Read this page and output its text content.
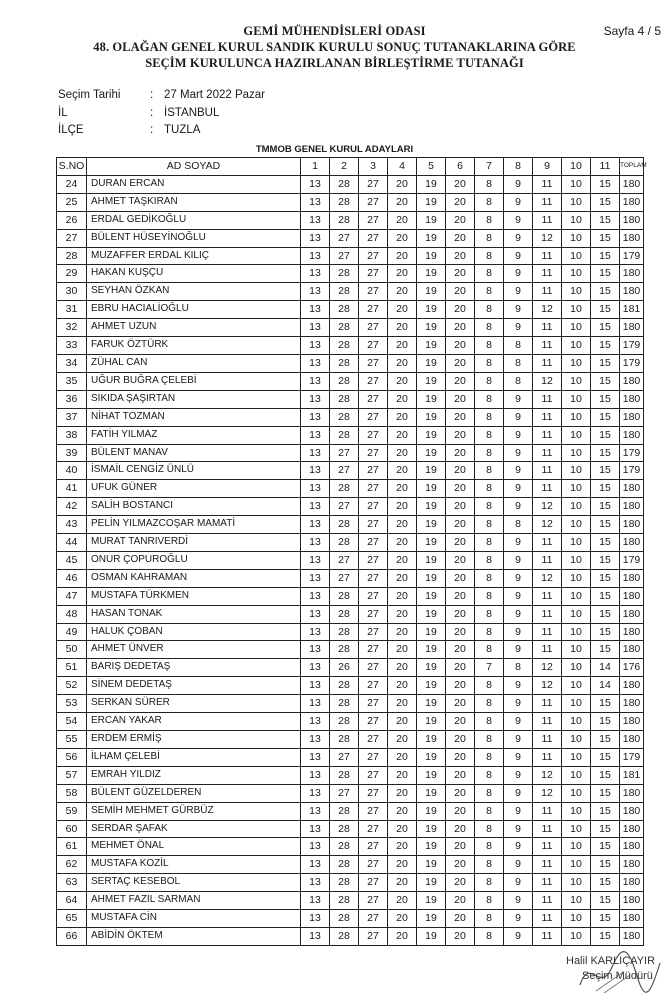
GEMİ MÜHENDİSLERİ ODASI
48. OLAĞAN GENEL KURUL SANDIK KURULU SONUÇ TUTANAKLARINA GÖRE
SEÇİM KURULUNCA HAZIRLANAN BİRLEŞTİRME TUTANAĞI
Sayfa 4 / 5
Seçim Tarihi	: 27 Mart 2022 Pazar
İL	: İSTANBUL
İLÇE	: TUZLA
TMMOB GENEL KURUL ADAYLARI
S.NO	AD SOYAD	1	2	3	4	5	6	7	8	9	10	11	TOPLAM
24	DURAN ERCAN	13	28	27	20	19	20	8	9	11	10	15	180
25	AHMET TAŞKIRAN	13	28	27	20	19	20	8	9	11	10	15	180
26	ERDAL GEDİKOĞLU	13	28	27	20	19	20	8	9	11	10	15	180
27	BÜLENT HÜSEYİNOĞLU	13	27	27	20	19	20	8	9	12	10	15	180
28	MUZAFFER ERDAL KILIÇ	13	27	27	20	19	20	8	9	11	10	15	179
29	HAKAN KUŞÇU	13	28	27	20	19	20	8	9	11	10	15	180
30	SEYHAN ÖZKAN	13	28	27	20	19	20	8	9	11	10	15	180
31	EBRU HACIALİOĞLU	13	28	27	20	19	20	8	9	12	10	15	181
32	AHMET UZUN	13	28	27	20	19	20	8	9	11	10	15	180
33	FARUK ÖZTÜRK	13	28	27	20	19	20	8	8	11	10	15	179
34	ZÜHAL CAN	13	28	27	20	19	20	8	8	11	10	15	179
35	UĞUR BUĞRA ÇELEBİ	13	28	27	20	19	20	8	8	12	10	15	180
36	SIKIDA ŞAŞIRTAN	13	28	27	20	19	20	8	9	11	10	15	180
37	NİHAT TOZMAN	13	28	27	20	19	20	8	9	11	10	15	180
38	FATİH YILMAZ	13	28	27	20	19	20	8	9	11	10	15	180
39	BÜLENT MANAV	13	27	27	20	19	20	8	9	11	10	15	179
40	İSMAİL CENGİZ ÜNLÜ	13	27	27	20	19	20	8	9	11	10	15	179
41	UFUK GÜNER	13	28	27	20	19	20	8	9	11	10	15	180
42	SALİH BOSTANCI	13	27	27	20	19	20	8	9	12	10	15	180
43	PELİN YILMAZCOŞAR MAMATİ	13	28	27	20	19	20	8	8	12	10	15	180
44	MURAT TANRIVERDİ	13	28	27	20	19	20	8	9	11	10	15	180
45	ONUR ÇOPUROĞLU	13	27	27	20	19	20	8	9	11	10	15	179
46	OSMAN KAHRAMAN	13	27	27	20	19	20	8	9	12	10	15	180
47	MUSTAFA TÜRKMEN	13	28	27	20	19	20	8	9	11	10	15	180
48	HASAN TONAK	13	28	27	20	19	20	8	9	11	10	15	180
49	HALUK ÇOBAN	13	28	27	20	19	20	8	9	11	10	15	180
50	AHMET ÜNVER	13	28	27	20	19	20	8	9	11	10	15	180
51	BARIŞ DEDETAŞ	13	26	27	20	19	20	7	8	12	10	14	176
52	SİNEM DEDETAŞ	13	28	27	20	19	20	8	9	12	10	14	180
53	SERKAN SÜRER	13	28	27	20	19	20	8	9	11	10	15	180
54	ERCAN YAKAR	13	28	27	20	19	20	8	9	11	10	15	180
55	ERDEM ERMİŞ	13	28	27	20	19	20	8	9	11	10	15	180
56	İLHAM ÇELEBİ	13	27	27	20	19	20	8	9	11	10	15	179
57	EMRAH YILDIZ	13	28	27	20	19	20	8	9	12	10	15	181
58	BÜLENT GÜZELDEREN	13	27	27	20	19	20	8	9	12	10	15	180
59	SEMİH MEHMET GÜRBÜZ	13	28	27	20	19	20	8	9	11	10	15	180
60	SERDAR ŞAFAK	13	28	27	20	19	20	8	9	11	10	15	180
61	MEHMET ÖNAL	13	28	27	20	19	20	8	9	11	10	15	180
62	MUSTAFA KOZİL	13	28	27	20	19	20	8	9	11	10	15	180
63	SERTAÇ KESEBOL	13	28	27	20	19	20	8	9	11	10	15	180
64	AHMET FAZIL SARMAN	13	28	27	20	19	20	8	9	11	10	15	180
65	MUSTAFA CİN	13	28	27	20	19	20	8	9	11	10	15	180
66	ABİDİN ÖKTEM	13	28	27	20	19	20	8	9	11	10	15	180
Halil KARLIÇAYIR
Seçim Müdürü
